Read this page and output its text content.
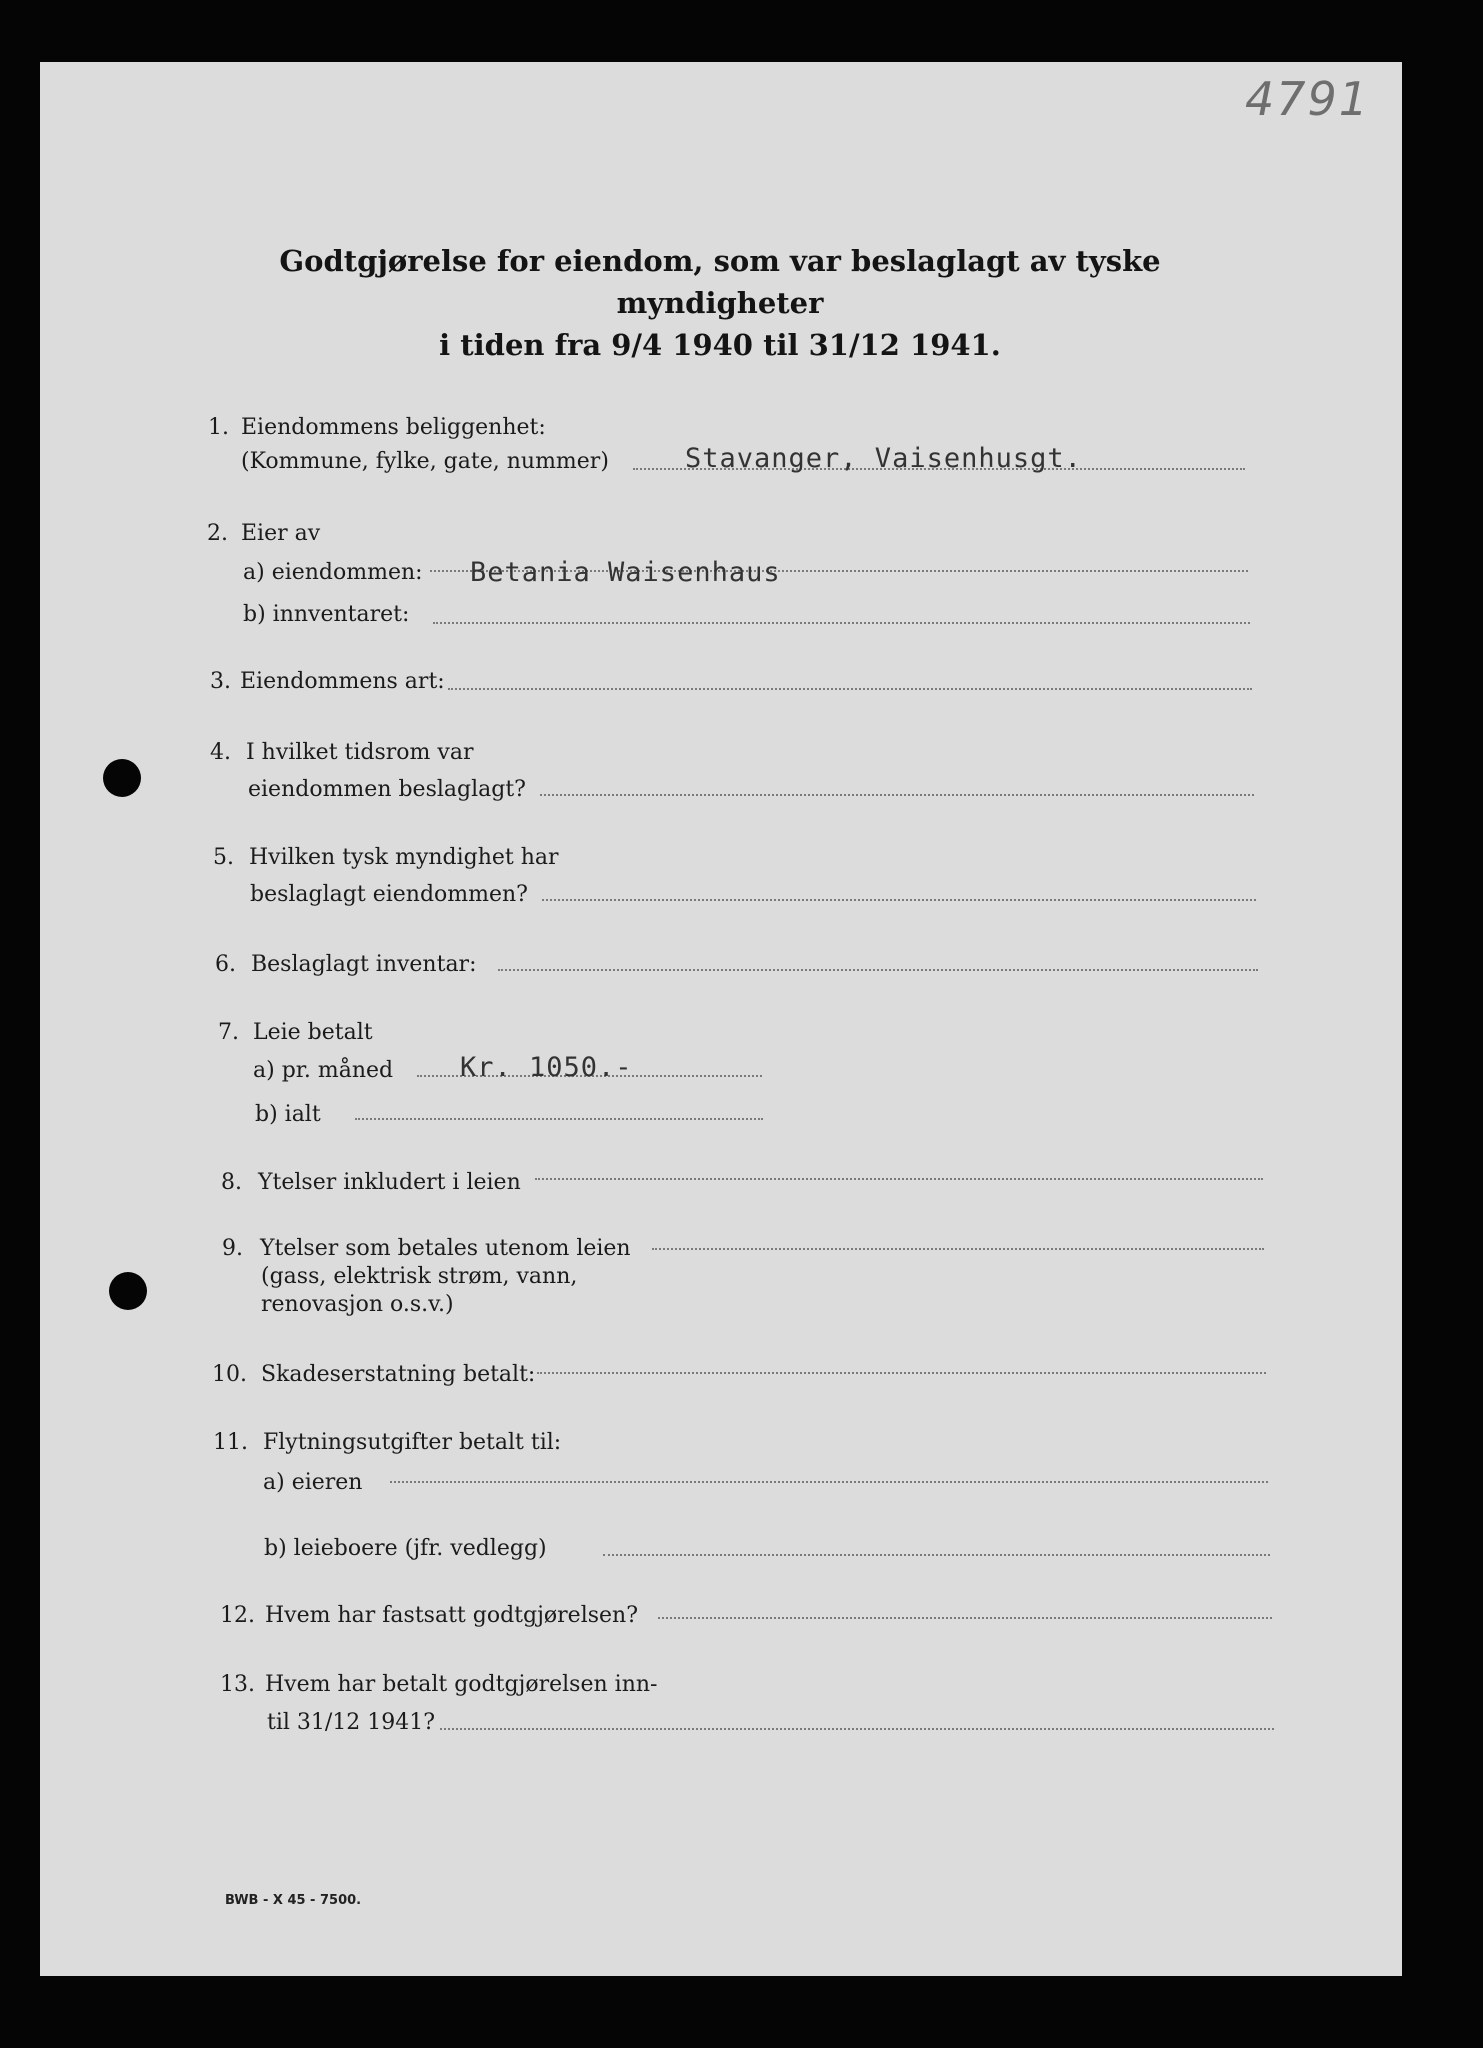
4791
Godtgjørelse for eiendom, som var beslaglagt av tyske myndigheter
i tiden fra 9/4 1940 til 31/12 1941.
1. Eiendommens beliggenhet:
(Kommune, fylke, gate, nummer)	Stavanger, Vaisenhusgt.
2. Eier av
a) eiendommen: Betania Waisenhaus
b) innventaret:
3. Eiendommens art:
4. I hvilket tidsrom var
eiendommen beslaglagt?
5. Hvilken tysk myndighet har
beslaglagt eiendommen?
6. Beslaglagt inventar:
7. Leie betalt
a) pr. måned Kr. 1050.-
b) ialt
8. Ytelser inkludert i leien
9. Ytelser som betales utenom leien
(gass, elektrisk strøm, vann,
renovasjon o.s.v.)
10. Skadeserstatning betalt:
11. Flytningsutgifter betalt til:
a) eieren
b) leieboere (jfr. vedlegg)
12. Hvem har fastsatt godtgjørelsen?
13. Hvem har betalt godtgjørelsen inn-
til 31/12 1941?
BWB - X 45 - 7500.
